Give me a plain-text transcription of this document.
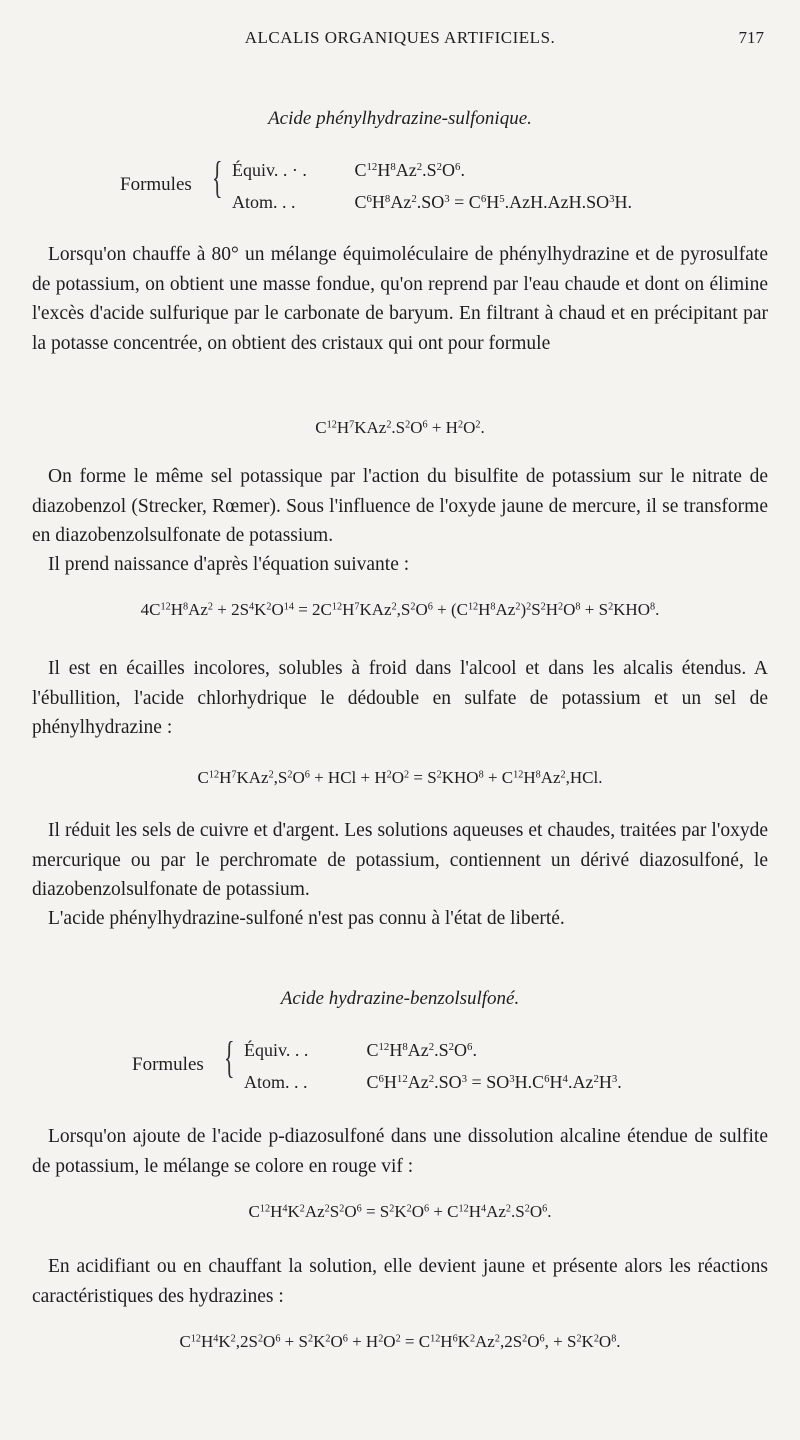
ALCALIS ORGANIQUES ARTIFICIELS.	717
Acide phénylhydrazine-sulfonique.
Formules { Équiv. . · .	$C^{12}H^8Az^2.S^2O^6$.
Atom. . .	$C^6H^8Az^2.SO^3 = C^6H^5.AzH.AzH.SO^3H$.
Lorsqu'on chauffe à 80° un mélange équimoléculaire de phénylhydrazine et de pyrosulfate de potassium, on obtient une masse fondue, qu'on reprend par l'eau chaude et dont on élimine l'excès d'acide sulfurique par le carbonate de baryum. En filtrant à chaud et en précipitant par la potasse concentrée, on obtient des cristaux qui ont pour formule
$C^{12}H^7KAz^2.S^2O^6 + H^2O^2$.
On forme le même sel potassique par l'action du bisulfite de potassium sur le nitrate de diazobenzol (Strecker, Rœmer). Sous l'influence de l'oxyde jaune de mercure, il se transforme en diazobenzolsulfonate de potassium.
Il prend naissance d'après l'équation suivante :
$4C^{12}H^8Az^2 + 2S^4K^2O^{14} = 2C^{12}H^7KAz^2,S^2O^6 + (C^{12}H^8Az^2)^2S^2H^2O^8 + S^2KHO^8$.
Il est en écailles incolores, solubles à froid dans l'alcool et dans les alcalis étendus. A l'ébullition, l'acide chlorhydrique le dédouble en sulfate de potassium et un sel de phénylhydrazine :
$C^{12}H^7KAz^2,S^2O^6$ + HCl + $H^2O^2 = S^2KHO^8 + C^{12}H^8Az^2,HCl$.
Il réduit les sels de cuivre et d'argent. Les solutions aqueuses et chaudes, traitées par l'oxyde mercurique ou par le perchromate de potassium, contiennent un dérivé diazosulfoné, le diazobenzolsulfonate de potassium.
L'acide phénylhydrazine-sulfoné n'est pas connu à l'état de liberté.
Acide hydrazine-benzolsulfoné.
Formules { Équiv. . .	$C^{12}H^8Az^2.S^2O^6$.
Atom. . .	$C^6H^{12}Az^2.SO^3 = SO^3H.C^6H^4.Az^2H^3$.
Lorsqu'on ajoute de l'acide p-diazosulfoné dans une dissolution alcaline étendue de sulfite de potassium, le mélange se colore en rouge vif :
$C^{12}H^4K^2Az^2S^2O^6 = S^2K^2O^6 + C^{12}H^4Az^2.S^2O^6$.
En acidifiant ou en chauffant la solution, elle devient jaune et présente alors les réactions caractéristiques des hydrazines :
$C^{12}H^4K^2,2S^2O^6 + S^2K^2O^6 + H^2O^2 = C^{12}H^6K^2Az^2,2S^2O^6$, + $S^2K^2O^8$.
